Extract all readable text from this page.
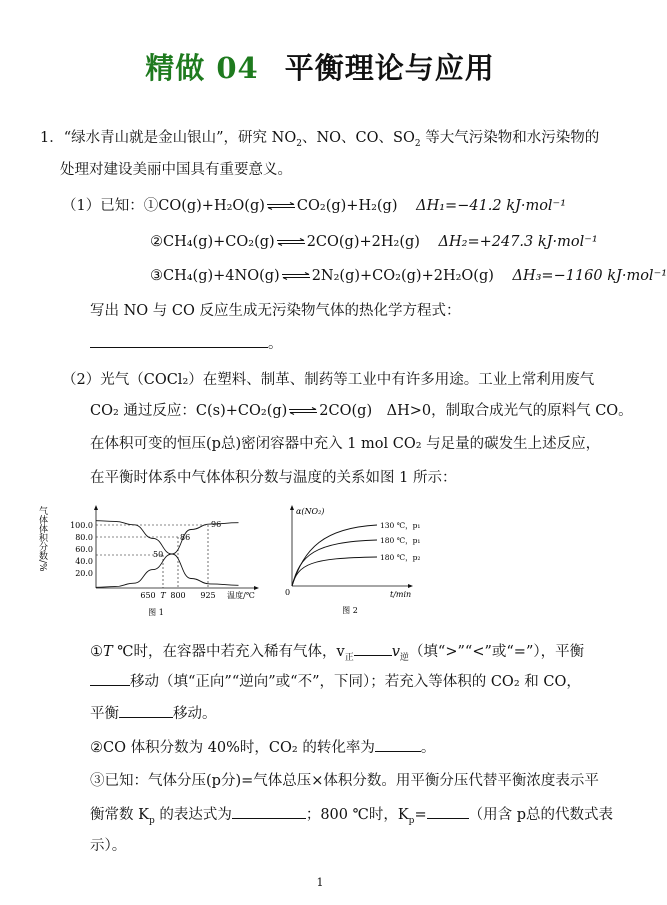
精做 04 平衡理论与应用
1．“绿水青山就是金山银山”，研究 $NO_2$、NO、CO、$SO_2$ 等大气污染物和水污染物的
处理对建设美丽中国具有重要意义。
（1）已知：①CO(g)+H₂O(g)⇌CO₂(g)+H₂(g) ΔH₁=−41.2 kJ·mol⁻¹
②CH₄(g)+CO₂(g)⇌2CO(g)+2H₂(g) ΔH₂=+247.3 kJ·mol⁻¹
③CH₄(g)+4NO(g)⇌2N₂(g)+CO₂(g)+2H₂O(g) ΔH₃=−1160 kJ·mol⁻¹
写出 NO 与 CO 反应生成无污染物气体的热化学方程式：
。
（2）光气（COCl₂）在塑料、制革、制药等工业中有许多用途。工业上常利用废气
CO₂ 通过反应：C(s)+CO₂(g)⇌2CO(g)　ΔH>0，制取合成光气的原料气 CO。
在体积可变的恒压(p总)密闭容器中充入 1 mol CO₂ 与足量的碳发生上述反应，
在平衡时体系中气体体积分数与温度的关系如图 1 所示：
气体体积分数/%	100.0
80.0
60.0
40.0
20.0
650 T 800 925 温度/℃
96
86
50
图 1
α(NO₂)
0	t/min
130 ℃，p₁
180 ℃，p₁
180 ℃，p₂
图 2
①T ℃时，在容器中若充入稀有气体，$v_正$	$v_逆$（填“>”“<”或“=”），平衡
移动（填“正向”“逆向”或“不”，下同）；若充入等体积的 CO₂ 和 CO，
平衡	移动。
②CO 体积分数为 40%时，CO₂ 的转化率为	。
③已知：气体分压(p分)=气体总压×体积分数。用平衡分压代替平衡浓度表示平
衡常数 $K_p$ 的表达式为	；800 ℃时，$K_p=$	（用含 p总的代数式表
示）。
1
